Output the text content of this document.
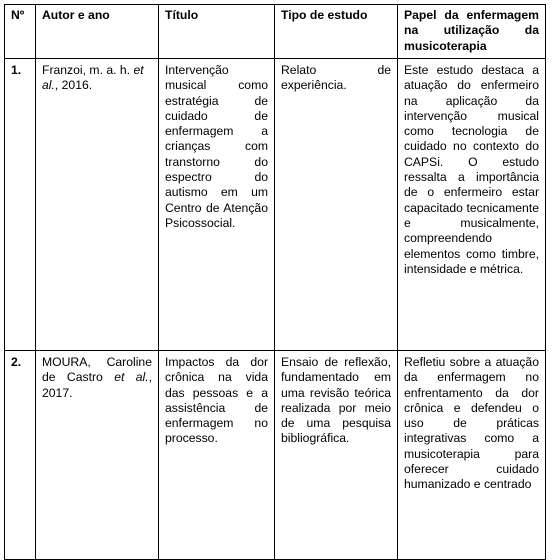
Nº	Autor e ano	Título	Tipo de estudo	Papel da enfermagem na utilização da musicoterapia
1.	Franzoi, m. a. h. et al., 2016.	Intervenção musical como estratégia de cuidado de enfermagem a crianças com transtorno do espectro do autismo em um Centro de Atenção Psicossocial.	Relato de experiência.	Este estudo destaca a atuação do enfermeiro na aplicação da intervenção musical como tecnologia de cuidado no contexto do CAPSi. O estudo ressalta a importância de o enfermeiro estar capacitado tecnicamente e musicalmente, compreendendo elementos como timbre, intensidade e métrica.
2.	MOURA, Caroline de Castro et al., 2017.	Impactos da dor crônica na vida das pessoas e a assistência de enfermagem no processo.	Ensaio de reflexão, fundamentado em uma revisão teórica realizada por meio de uma pesquisa bibliográfica.	Refletiu sobre a atuação da enfermagem no enfrentamento da dor crônica e defendeu o uso de práticas integrativas como a musicoterapia para oferecer cuidado humanizado e centrado
